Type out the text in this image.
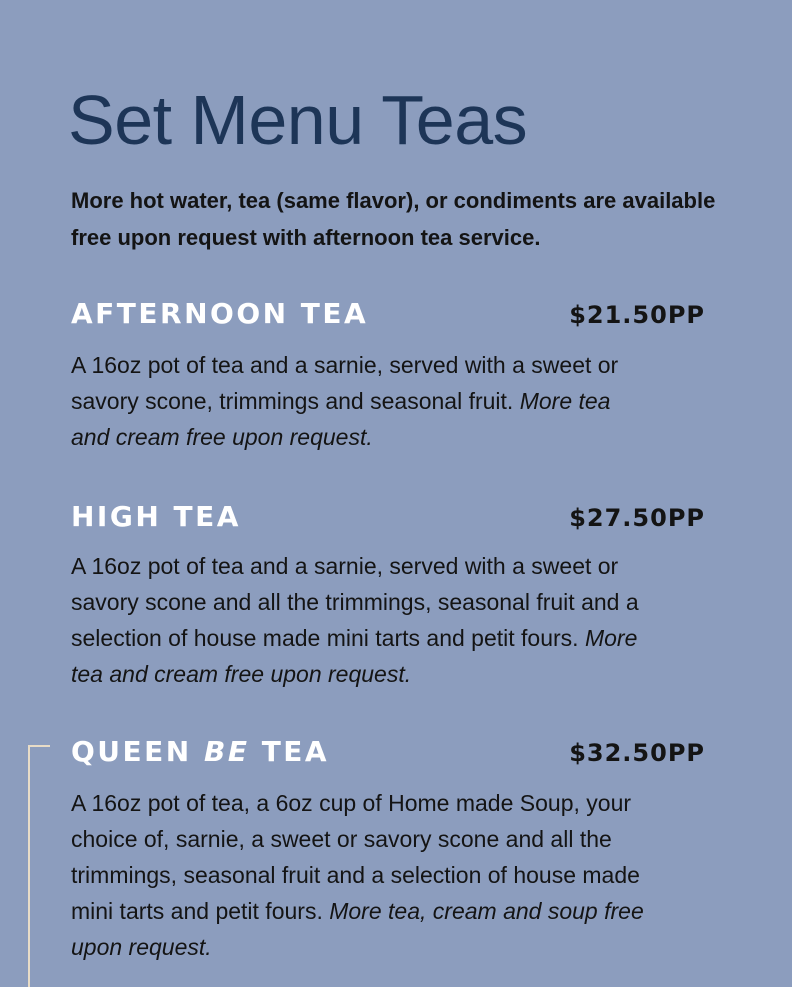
Set Menu Teas

More hot water, tea (same flavor), or condiments are available free upon request with afternoon tea service.

AFTERNOON TEA	$21.50PP

A 16oz pot of tea and a sarnie, served with a sweet or savory scone, trimmings and seasonal fruit. More tea and cream free upon request.

HIGH TEA	$27.50PP

A 16oz pot of tea and a sarnie, served with a sweet or savory scone and all the trimmings, seasonal fruit and a selection of house made mini tarts and petit fours. More tea and cream free upon request.

QUEEN BE TEA	$32.50PP

A 16oz pot of tea, a 6oz cup of Home made Soup, your choice of, sarnie, a sweet or savory scone and all the trimmings, seasonal fruit and a selection of house made mini tarts and petit fours. More tea, cream and soup free upon request.
